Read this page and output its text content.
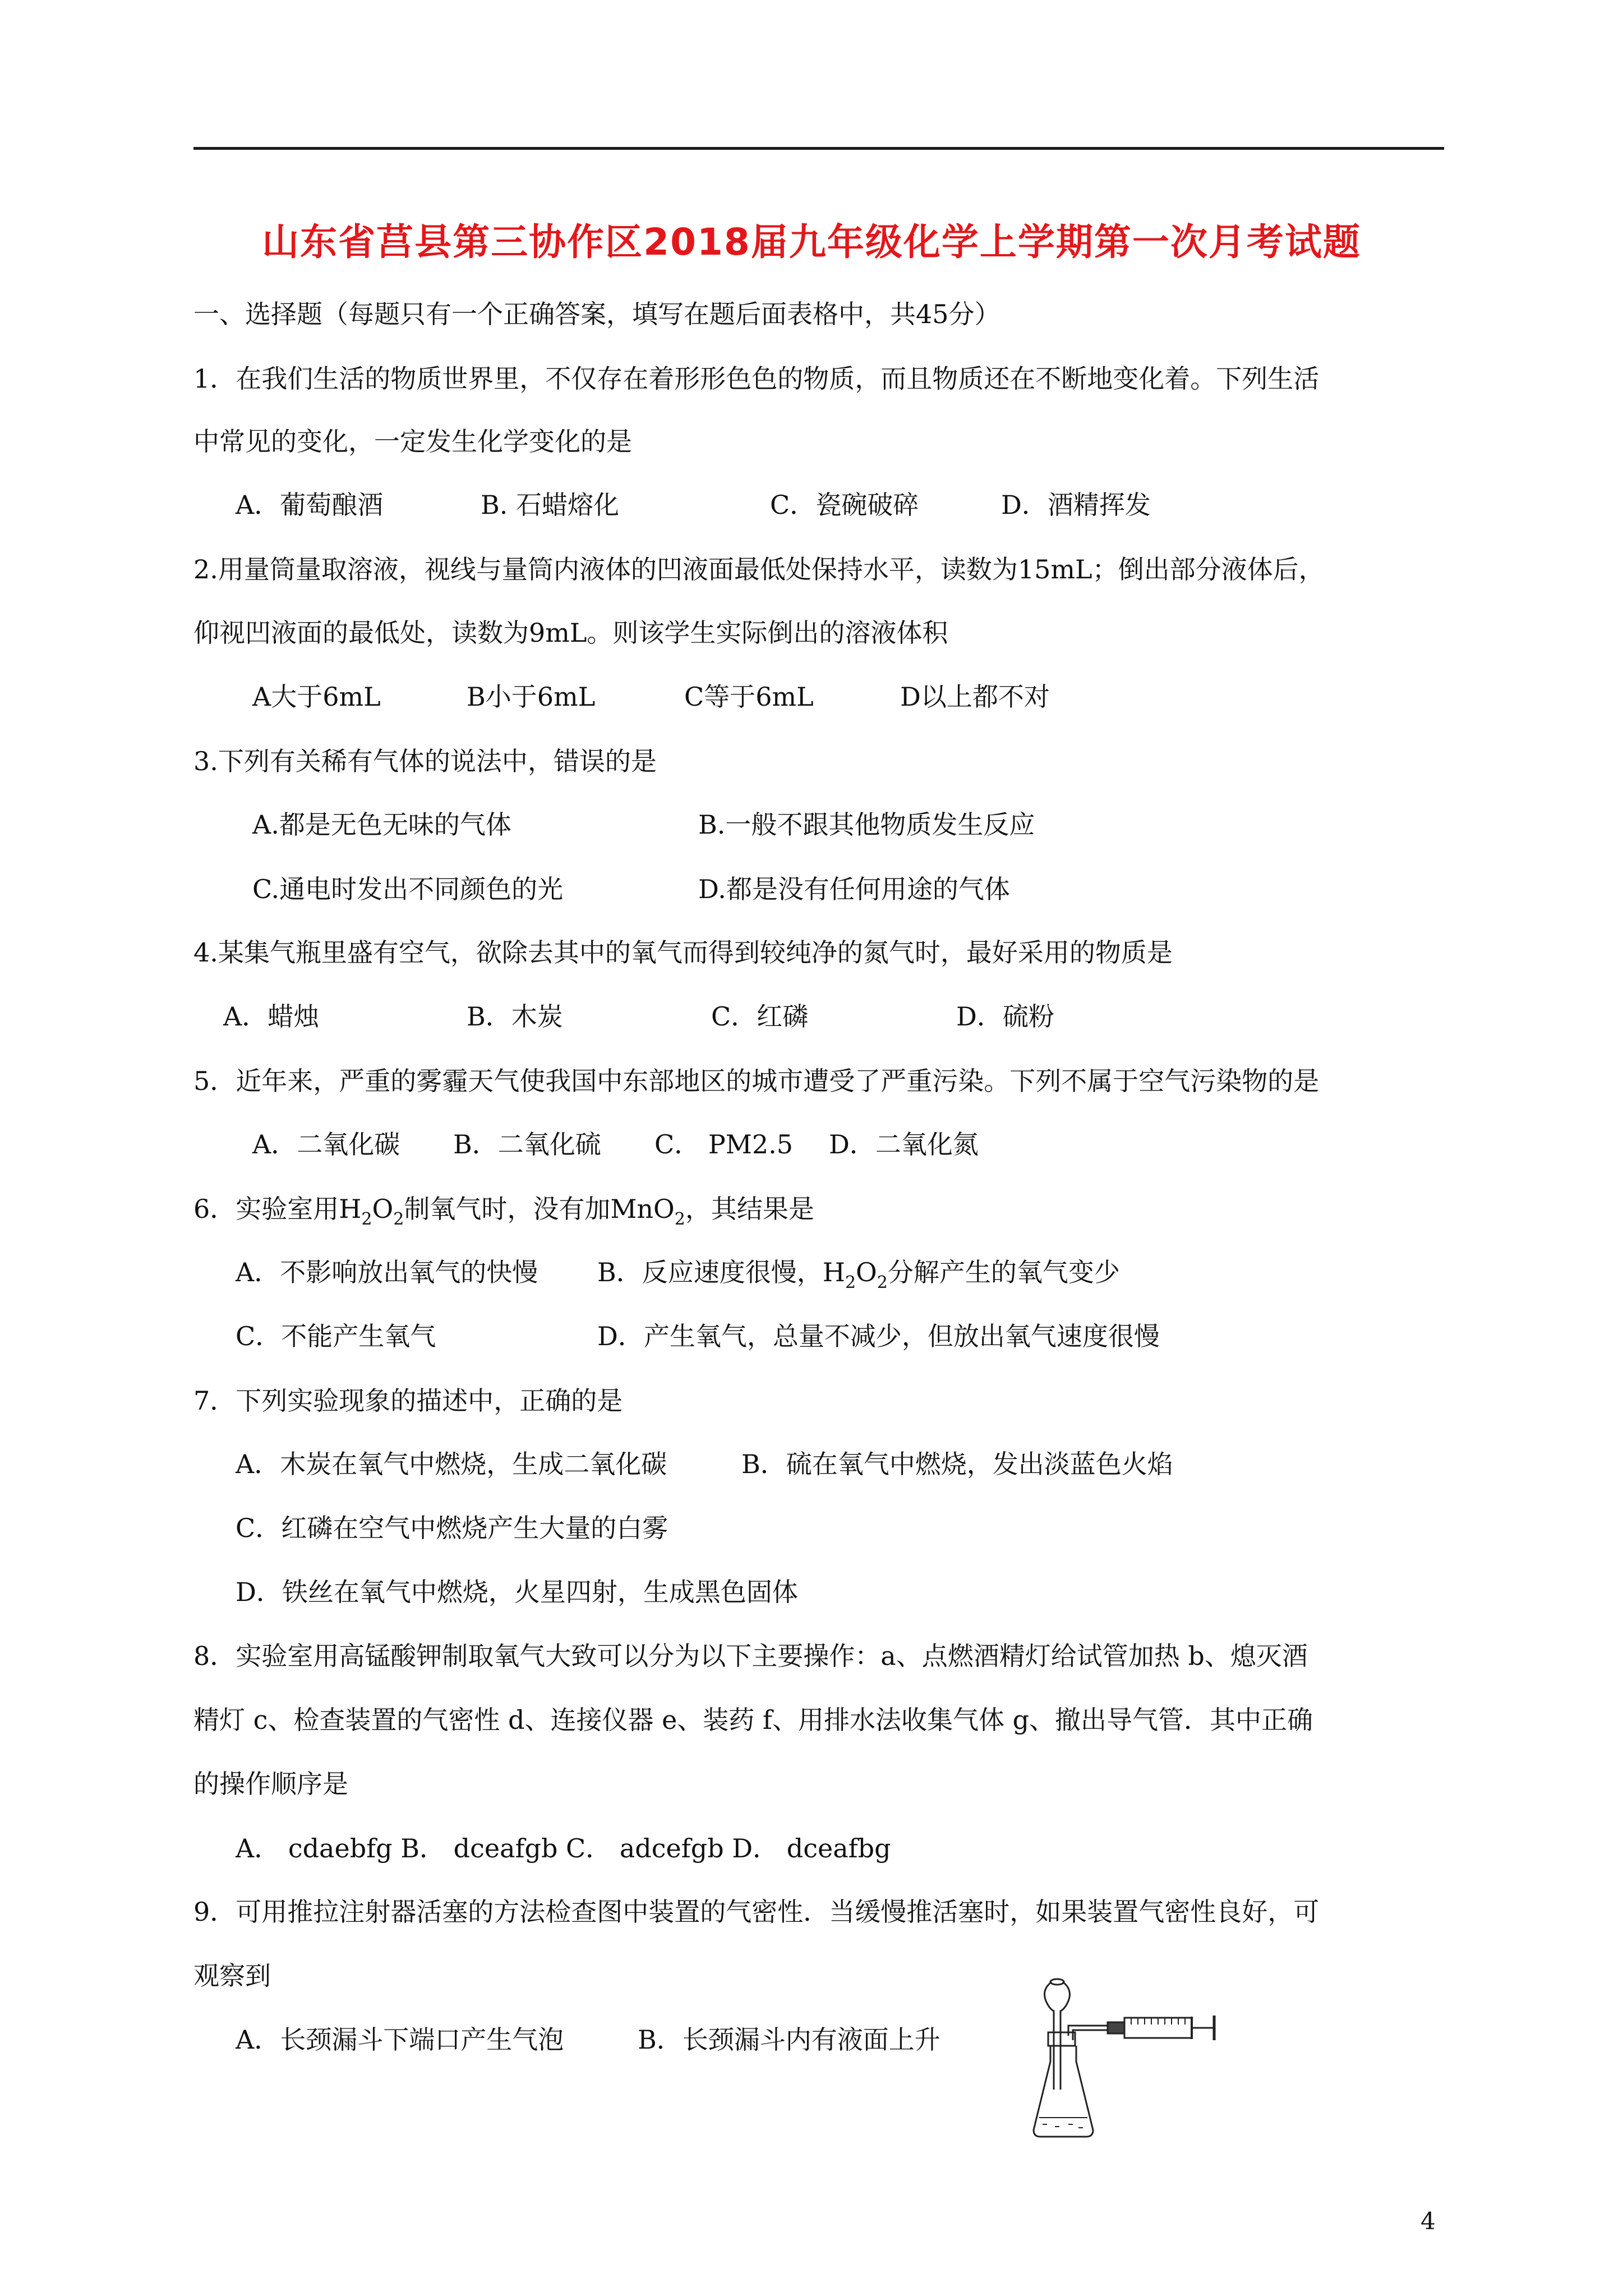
山东省莒县第三协作区2018届九年级化学上学期第一次月考试题
一、选择题（每题只有一个正确答案，填写在题后面表格中，共45分）
1．在我们生活的物质世界里，不仅存在着形形色色的物质，而且物质还在不断地变化着。下列生活
中常见的变化，一定发生化学变化的是
A．葡萄酿酒	B. 石蜡熔化	C．瓷碗破碎	D．酒精挥发
2.用量筒量取溶液，视线与量筒内液体的凹液面最低处保持水平，读数为15mL；倒出部分液体后，
仰视凹液面的最低处，读数为9mL。则该学生实际倒出的溶液体积
A大于6mL	B小于6mL	C等于6mL	D以上都不对
3.下列有关稀有气体的说法中，错误的是
A.都是无色无味的气体	B.一般不跟其他物质发生反应
C.通电时发出不同颜色的光	D.都是没有任何用途的气体
4.某集气瓶里盛有空气，欲除去其中的氧气而得到较纯净的氮气时，最好采用的物质是
A．蜡烛	B．木炭	C．红磷	D．硫粉
5．近年来，严重的雾霾天气使我国中东部地区的城市遭受了严重污染。下列不属于空气污染物的是
A．二氧化碳 B．二氧化硫 C． PM2.5 D．二氧化氮
6．实验室用$H_2O_2$制氧气时，没有加MnO$_2$，其结果是
A．不影响放出氧气的快慢 B．反应速度很慢，$H_2O_2$分解产生的氧气变少
C．不能产生氧气	D．产生氧气，总量不减少，但放出氧气速度很慢
7．下列实验现象的描述中，正确的是
A．木炭在氧气中燃烧，生成二氧化碳	B．硫在氧气中燃烧，发出淡蓝色火焰
C．红磷在空气中燃烧产生大量的白雾
D．铁丝在氧气中燃烧，火星四射，生成黑色固体
8．实验室用高锰酸钾制取氧气大致可以分为以下主要操作：a、点燃酒精灯给试管加热 b、熄灭酒
精灯 c、检查装置的气密性 d、连接仪器 e、装药 f、用排水法收集气体 g、撤出导气管．其中正确
的操作顺序是
A． cdaebfg B． dceafgb C． adcefgb D． dceafbg
9．可用推拉注射器活塞的方法检查图中装置的气密性．当缓慢推活塞时，如果装置气密性良好，可
观察到
A．长颈漏斗下端口产生气泡	B．长颈漏斗内有液面上升
4
